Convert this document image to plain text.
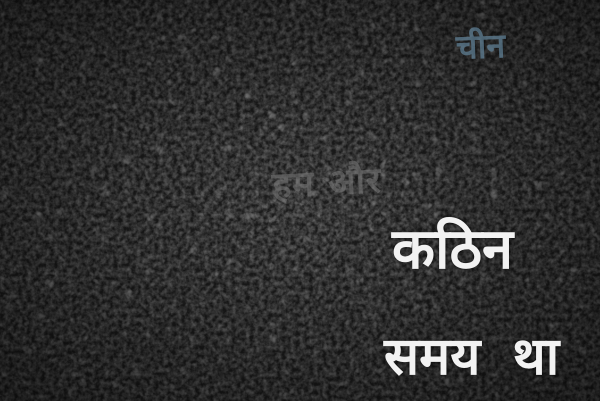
चीन
हम और
कठिन
समय था
